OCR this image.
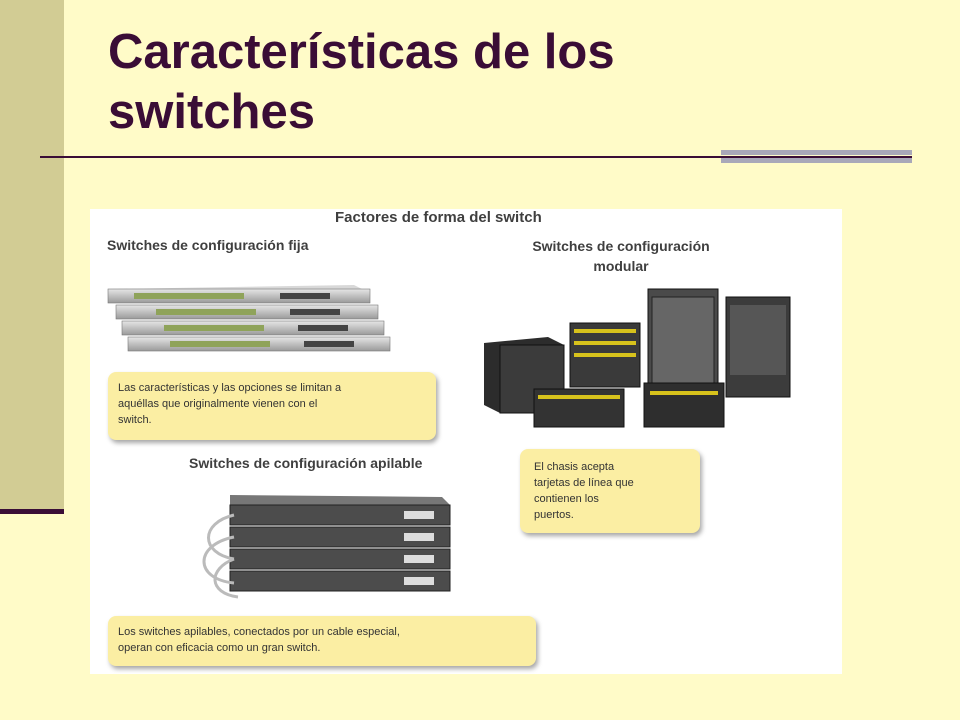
Características de los
switches
Factores de forma del switch
Switches de configuración fija	Switches de configuración
modular
Switches de configuración apilable
Las características y las opciones se limitan a
aquéllas que originalmente vienen con el
switch.
El chasis acepta
tarjetas de línea que
contienen los
puertos.
Los switches apilables, conectados por un cable especial,
operan con eficacia como un gran switch.
